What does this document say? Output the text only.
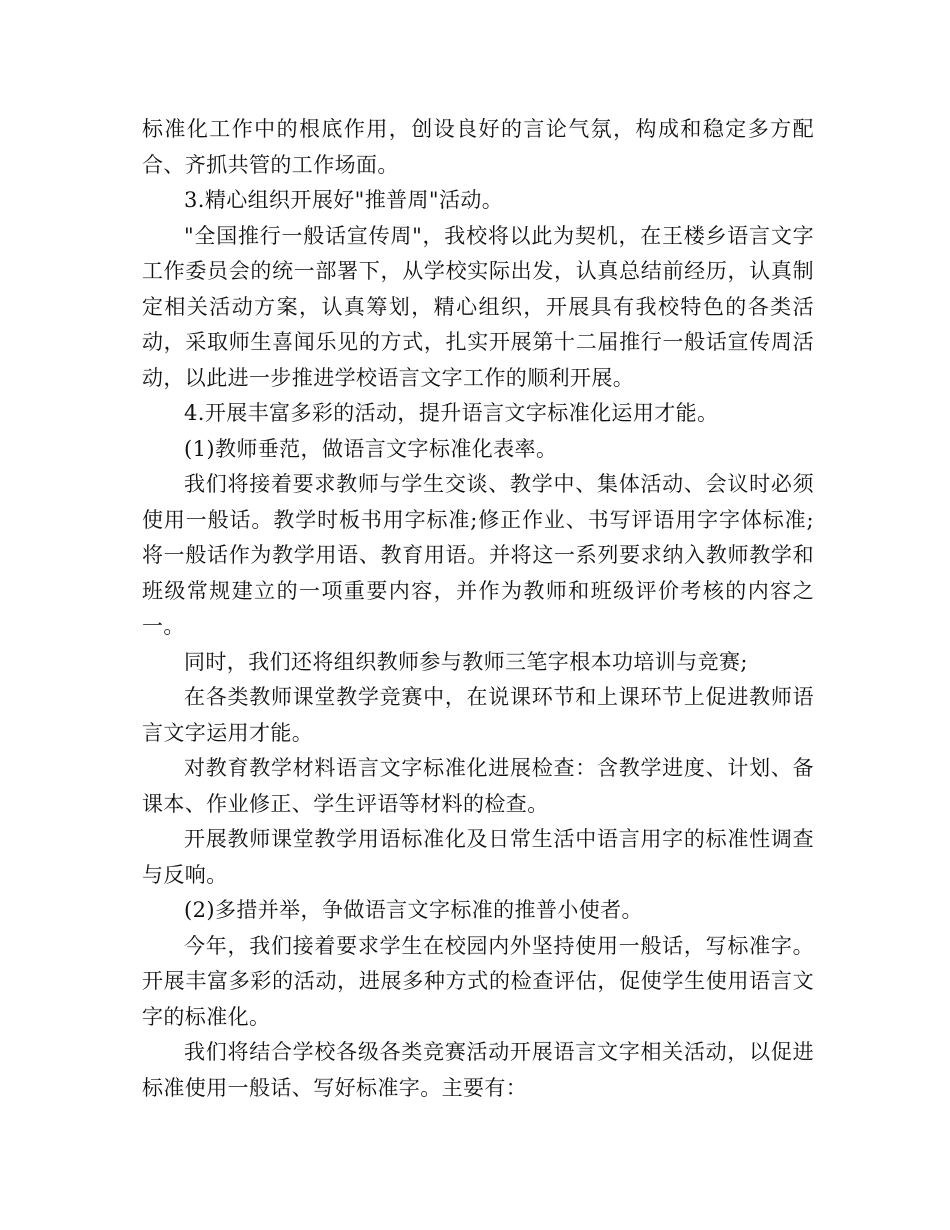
标准化工作中的根底作用，创设良好的言论气氛，构成和稳定多方配合、齐抓共管的工作场面。

3.精心组织开展好"推普周"活动。

"全国推行一般话宣传周"，我校将以此为契机，在王楼乡语言文字工作委员会的统一部署下，从学校实际出发，认真总结前经历，认真制定相关活动方案，认真筹划，精心组织，开展具有我校特色的各类活动，采取师生喜闻乐见的方式，扎实开展第十二届推行一般话宣传周活动，以此进一步推进学校语言文字工作的顺利开展。

4.开展丰富多彩的活动，提升语言文字标准化运用才能。

(1)教师垂范，做语言文字标准化表率。

我们将接着要求教师与学生交谈、教学中、集体活动、会议时必须使用一般话。教学时板书用字标准;修正作业、书写评语用字字体标准;将一般话作为教学用语、教育用语。并将这一系列要求纳入教师教学和班级常规建立的一项重要内容，并作为教师和班级评价考核的内容之一。

同时，我们还将组织教师参与教师三笔字根本功培训与竞赛;

在各类教师课堂教学竞赛中，在说课环节和上课环节上促进教师语言文字运用才能。

对教育教学材料语言文字标准化进展检查：含教学进度、计划、备课本、作业修正、学生评语等材料的检查。

开展教师课堂教学用语标准化及日常生活中语言用字的标准性调查与反响。

(2)多措并举，争做语言文字标准的推普小使者。

今年，我们接着要求学生在校园内外坚持使用一般话，写标准字。开展丰富多彩的活动，进展多种方式的检查评估，促使学生使用语言文字的标准化。

我们将结合学校各级各类竞赛活动开展语言文字相关活动，以促进标准使用一般话、写好标准字。主要有：
